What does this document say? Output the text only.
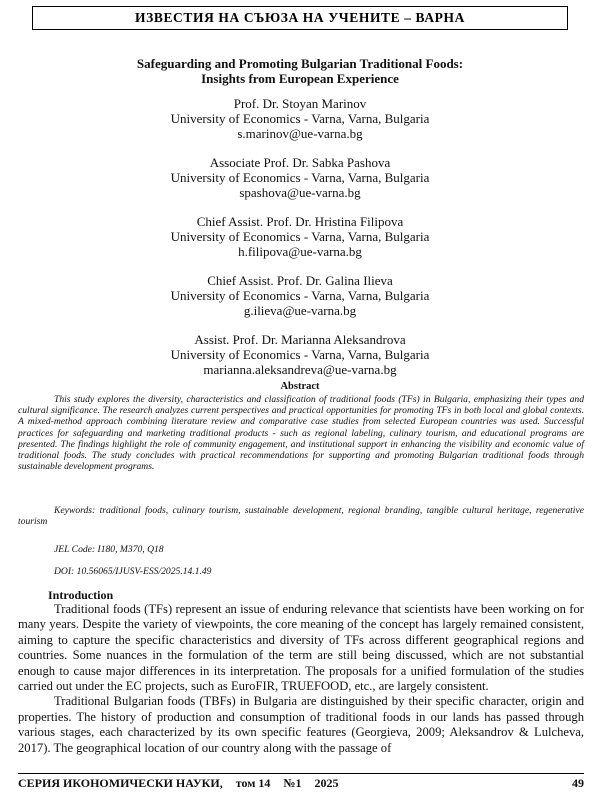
ИЗВЕСТИЯ НА СЪЮЗА НА УЧЕНИТЕ – ВАРНА
Safeguarding and Promoting Bulgarian Traditional Foods:
Insights from European Experience
Prof. Dr. Stoyan Marinov
University of Economics - Varna, Varna, Bulgaria
s.marinov@ue-varna.bg
Associate Prof. Dr. Sabka Pashova
University of Economics - Varna, Varna, Bulgaria
spashova@ue-varna.bg
Chief Assist. Prof. Dr. Hristina Filipova
University of Economics - Varna, Varna, Bulgaria
h.filipova@ue-varna.bg
Chief Assist. Prof. Dr. Galina Ilieva
University of Economics - Varna, Varna, Bulgaria
g.ilieva@ue-varna.bg
Assist. Prof. Dr. Marianna Aleksandrova
University of Economics - Varna, Varna, Bulgaria
marianna.aleksandreva@ue-varna.bg
Abstract
This study explores the diversity, characteristics and classification of traditional foods (TFs) in Bulgaria, emphasizing their types and cultural significance. The research analyzes current perspectives and practical opportunities for promoting TFs in both local and global contexts. A mixed-method approach combining literature review and comparative case studies from selected European countries was used. Successful practices for safeguarding and marketing traditional products - such as regional labeling, culinary tourism, and educational programs are presented. The findings highlight the role of community engagement, and institutional support in enhancing the visibility and economic value of traditional foods. The study concludes with practical recommendations for supporting and promoting Bulgarian traditional foods through sustainable development programs.
Keywords: traditional foods, culinary tourism, sustainable development, regional branding, tangible cultural heritage, regenerative tourism
JEL Code: I180, M370, Q18
DOI: 10.56065/IJUSV-ESS/2025.14.1.49
Introduction

Traditional foods (TFs) represent an issue of enduring relevance that scientists have been working on for many years. Despite the variety of viewpoints, the core meaning of the concept has largely remained consistent, aiming to capture the specific characteristics and diversity of TFs across different geographical regions and countries. Some nuances in the formulation of the term are still being discussed, which are not substantial enough to cause major differences in its interpretation. The proposals for a unified formulation of the studies carried out under the EC projects, such as EuroFIR, TRUEFOOD, etc., are largely consistent.

Traditional Bulgarian foods (TBFs) in Bulgaria are distinguished by their specific character, origin and properties. The history of production and consumption of traditional foods in our lands has passed through various stages, each characterized by its own specific features (Georgieva, 2009; Aleksandrov & Lulcheva, 2017). The geographical location of our country along with the passage of

СЕРИЯ ИКОНОМИЧЕСКИ НАУКИ, том 14 №1 2025	49
